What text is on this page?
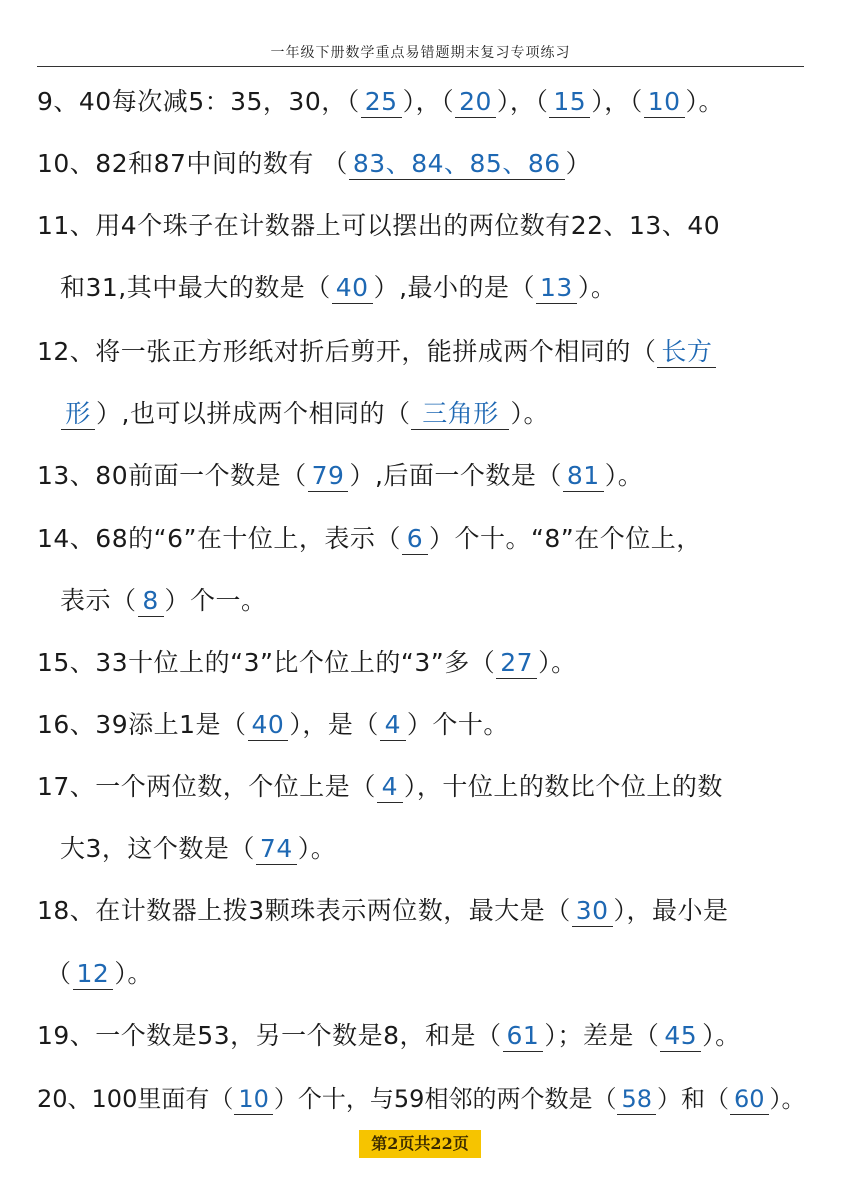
一年级下册数学重点易错题期末复习专项练习
9、40每次减5：35，30，（ 25 ），（ 20 ），（ 15 ），（ 10 ）。
10、82和87中间的数有 （ 83、84、85、86 ）
11、用4个珠子在计数器上可以摆出的两位数有22、13、40
和31,其中最大的数是（ 40 ）,最小的是（ 13 ）。
12、将一张正方形纸对折后剪开，能拼成两个相同的（ 长方
形 ）,也可以拼成两个相同的（ 三角形 ）。
13、80前面一个数是（ 79 ）,后面一个数是（ 81 ）。
14、68的“6”在十位上，表示（ 6 ）个十。“8”在个位上，
表示（ 8 ）个一。
15、33十位上的“3”比个位上的“3”多（ 27 ）。
16、39添上1是（ 40 ），是（ 4 ）个十。
17、一个两位数，个位上是（ 4 ），十位上的数比个位上的数
大3，这个数是（ 74 ）。
18、在计数器上拨3颗珠表示两位数，最大是（ 30 ），最小是
（ 12 ）。
19、一个数是53，另一个数是8，和是（ 61 ）；差是（ 45 ）。
20、100里面有（ 10 ）个十，与59相邻的两个数是（ 58 ）和（ 60 ）。
第2页共22页
